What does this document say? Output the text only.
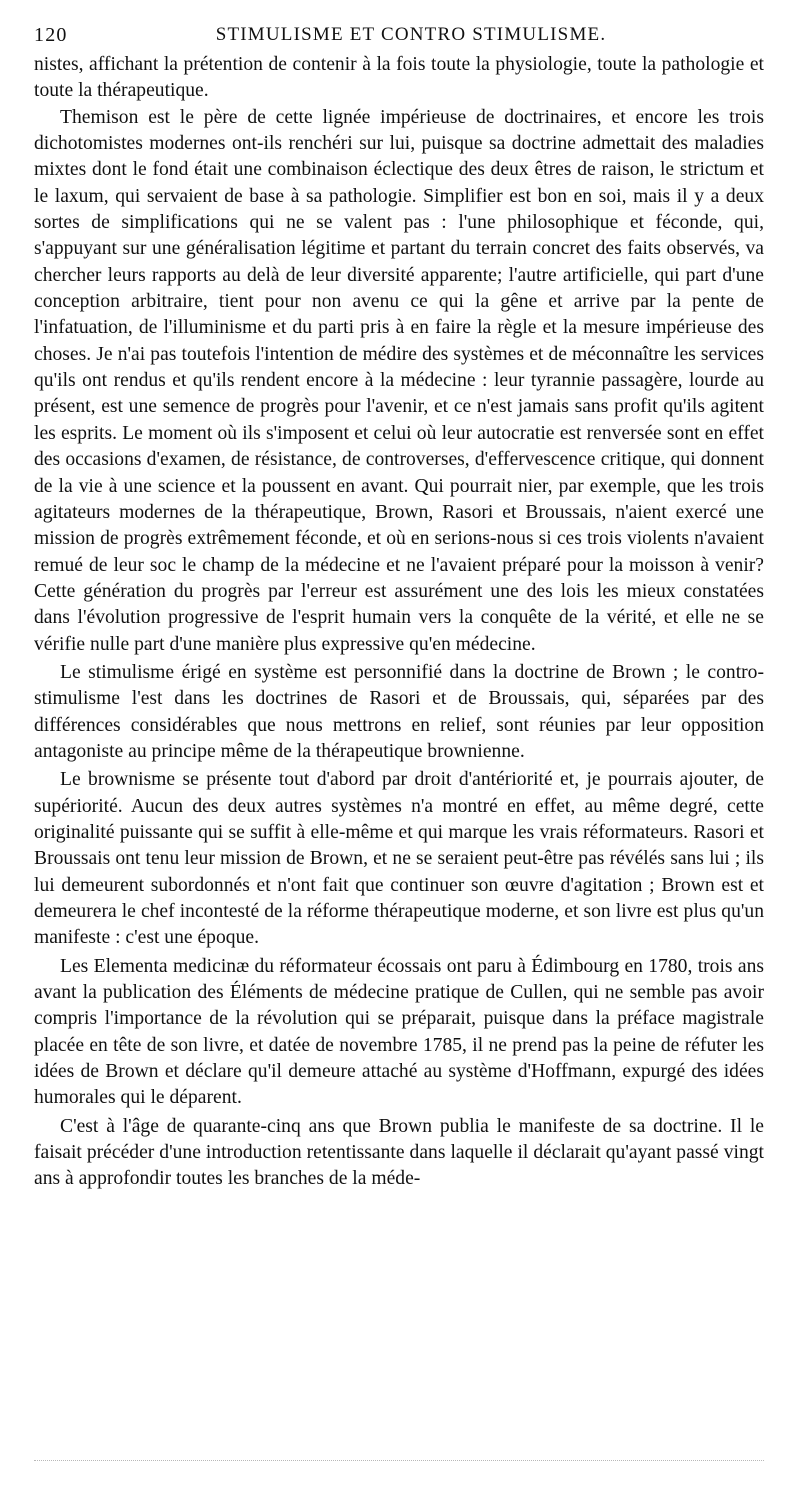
120	STIMULISME ET CONTRO STIMULISME.

nistes, affichant la prétention de contenir à la fois toute la physiologie, toute la pathologie et toute la thérapeutique.

Themison est le père de cette lignée impérieuse de doctrinaires, et encore les trois dichotomistes modernes ont-ils renchéri sur lui, puisque sa doctrine admettait des maladies mixtes dont le fond était une combinaison éclectique des deux êtres de raison, le strictum et le laxum, qui servaient de base à sa pathologie. Simplifier est bon en soi, mais il y a deux sortes de simplifications qui ne se valent pas : l'une philosophique et féconde, qui, s'appuyant sur une généralisation légitime et partant du terrain concret des faits observés, va chercher leurs rapports au delà de leur diversité apparente; l'autre artificielle, qui part d'une conception arbitraire, tient pour non avenu ce qui la gêne et arrive par la pente de l'infatuation, de l'illuminisme et du parti pris à en faire la règle et la mesure impérieuse des choses. Je n'ai pas toutefois l'intention de médire des systèmes et de méconnaître les services qu'ils ont rendus et qu'ils rendent encore à la médecine : leur tyrannie passagère, lourde au présent, est une semence de progrès pour l'avenir, et ce n'est jamais sans profit qu'ils agitent les esprits. Le moment où ils s'imposent et celui où leur autocratie est renversée sont en effet des occasions d'examen, de résistance, de controverses, d'effervescence critique, qui donnent de la vie à une science et la poussent en avant. Qui pourrait nier, par exemple, que les trois agitateurs modernes de la thérapeutique, Brown, Rasori et Broussais, n'aient exercé une mission de progrès extrêmement féconde, et où en serions-nous si ces trois violents n'avaient remué de leur soc le champ de la médecine et ne l'avaient préparé pour la moisson à venir? Cette génération du progrès par l'erreur est assurément une des lois les mieux constatées dans l'évolution progressive de l'esprit humain vers la conquête de la vérité, et elle ne se vérifie nulle part d'une manière plus expressive qu'en médecine.

Le stimulisme érigé en système est personnifié dans la doctrine de Brown ; le contro-stimulisme l'est dans les doctrines de Rasori et de Broussais, qui, séparées par des différences considérables que nous mettrons en relief, sont réunies par leur opposition antagoniste au principe même de la thérapeutique brownienne.

Le brownisme se présente tout d'abord par droit d'antériorité et, je pourrais ajouter, de supériorité. Aucun des deux autres systèmes n'a montré en effet, au même degré, cette originalité puissante qui se suffit à elle-même et qui marque les vrais réformateurs. Rasori et Broussais ont tenu leur mission de Brown, et ne se seraient peut-être pas révélés sans lui ; ils lui demeurent subordonnés et n'ont fait que continuer son œuvre d'agitation ; Brown est et demeurera le chef incontesté de la réforme thérapeutique moderne, et son livre est plus qu'un manifeste : c'est une époque.

Les Elementa medicinæ du réformateur écossais ont paru à Édimbourg en 1780, trois ans avant la publication des Éléments de médecine pratique de Cullen, qui ne semble pas avoir compris l'importance de la révolution qui se préparait, puisque dans la préface magistrale placée en tête de son livre, et datée de novembre 1785, il ne prend pas la peine de réfuter les idées de Brown et déclare qu'il demeure attaché au système d'Hoffmann, expurgé des idées humorales qui le déparent.

C'est à l'âge de quarante-cinq ans que Brown publia le manifeste de sa doctrine. Il le faisait précéder d'une introduction retentissante dans laquelle il déclarait qu'ayant passé vingt ans à approfondir toutes les branches de la méde-
